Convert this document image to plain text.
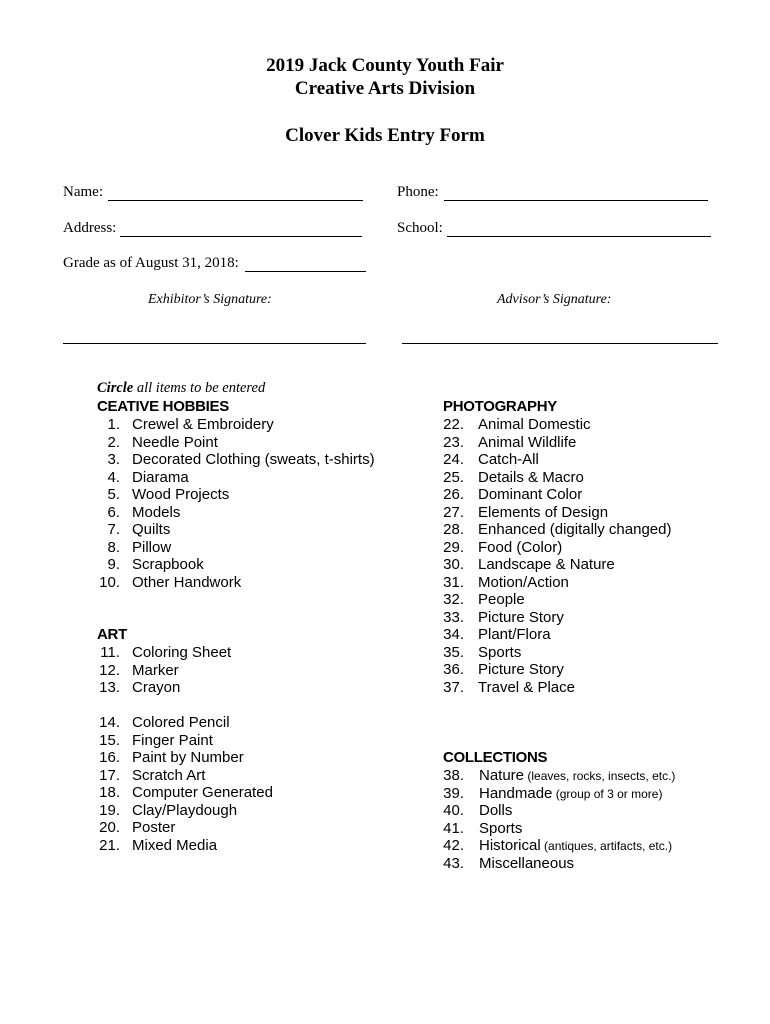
2019 Jack County Youth Fair
Creative Arts Division
Clover Kids Entry Form
Name:	Phone:
Address:	School:
Grade as of August 31, 2018:
Exhibitor’s Signature:	Advisor’s Signature:
Circle all items to be entered
CEATIVE HOBBIES
1. Crewel & Embroidery
2. Needle Point
3. Decorated Clothing (sweats, t-shirts)
4. Diarama
5. Wood Projects
6. Models
7. Quilts
8. Pillow
9. Scrapbook
10. Other Handwork
ART
11. Coloring Sheet
12. Marker
13. Crayon
14. Colored Pencil
15. Finger Paint
16. Paint by Number
17. Scratch Art
18. Computer Generated
19. Clay/Playdough
20. Poster
21. Mixed Media
PHOTOGRAPHY
22. Animal Domestic
23. Animal Wildlife
24. Catch-All
25. Details & Macro
26. Dominant Color
27. Elements of Design
28. Enhanced (digitally changed)
29. Food (Color)
30. Landscape & Nature
31. Motion/Action
32. People
33. Picture Story
34. Plant/Flora
35. Sports
36. Picture Story
37. Travel & Place
COLLECTIONS
38. Nature (leaves, rocks, insects, etc.)
39. Handmade (group of 3 or more)
40. Dolls
41. Sports
42. Historical (antiques, artifacts, etc.)
43. Miscellaneous
